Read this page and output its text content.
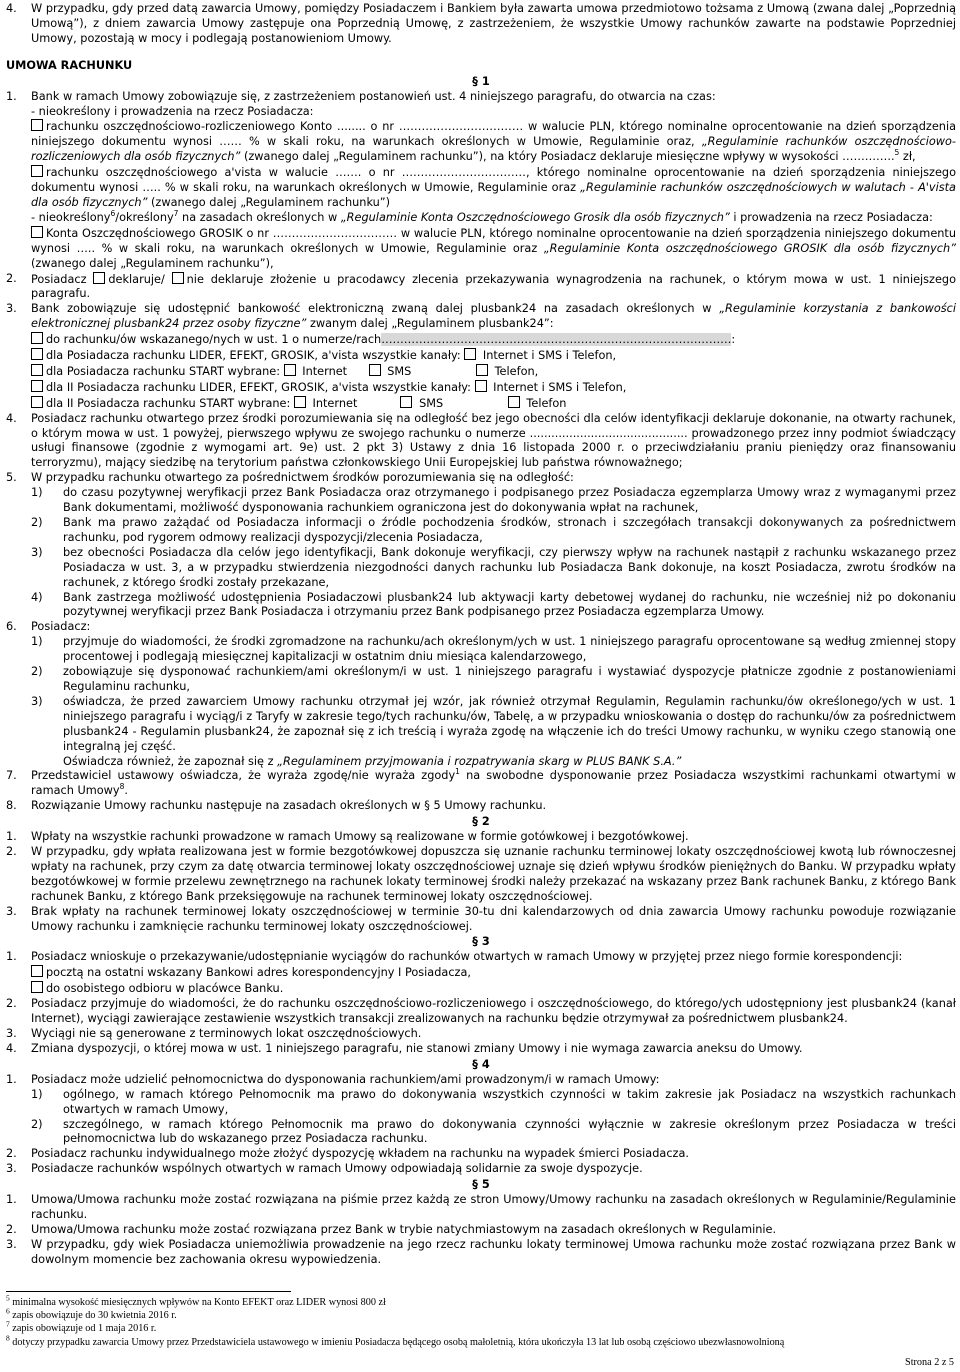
4.	W przypadku, gdy przed datą zawarcia Umowy, pomiędzy Posiadaczem i Bankiem była zawarta umowa przedmiotowo tożsama z Umową (zwana dalej „Poprzednią Umową”), z dniem zawarcia Umowy zastępuje ona Poprzednią Umowę, z zastrzeżeniem, że wszystkie Umowy rachunków zawarte na podstawie Poprzedniej Umowy, pozostają w mocy i podlegają postanowieniom Umowy.

UMOWA RACHUNKU

§ 1

1.	Bank w ramach Umowy zobowiązuje się, z zastrzeżeniem postanowień ust. 4 niniejszego paragrafu, do otwarcia na czas:

- nieokreślony i prowadzenia na rzecz Posiadacza:

rachunku oszczędnościowo-rozliczeniowego Konto ........ o nr …………………………… w walucie PLN, którego nominalne oprocentowanie na dzień sporządzenia niniejszego dokumentu wynosi …… % w skali roku, na warunkach określonych w Umowie, Regulaminie oraz, „Regulaminie rachunków oszczędnościowo-rozliczeniowych dla osób fizycznych” (zwanego dalej „Regulaminem rachunku”), na który Posiadacz deklaruje miesięczne wpływy w wysokości …………..$^5$ zł,

rachunku oszczędnościowego a'vista w walucie ……. o nr ……………………………, którego nominalne oprocentowanie na dzień sporządzenia niniejszego dokumentu wynosi ….. % w skali roku, na warunkach określonych w Umowie, Regulaminie oraz „Regulaminie rachunków oszczędnościowych w walutach - A'vista dla osób fizycznych” (zwanego dalej „Regulaminem rachunku”)

- nieokreślony$^6$/określony$^7$ na zasadach określonych w „Regulaminie Konta Oszczędnościowego Grosik dla osób fizycznych” i prowadzenia na rzecz Posiadacza:

Konta Oszczędnościowego GROSIK o nr …………………………… w walucie PLN, którego nominalne oprocentowanie na dzień sporządzenia niniejszego dokumentu wynosi ….. % w skali roku, na warunkach określonych w Umowie, Regulaminie oraz „Regulaminie Konta oszczędnościowego GROSIK dla osób fizycznych” (zwanego dalej „Regulaminem rachunku”),

2.	Posiadacz deklaruje/ nie deklaruje złożenie u pracodawcy zlecenia przekazywania wynagrodzenia na rachunek, o którym mowa w ust. 1 niniejszego paragrafu.
3.	Bank zobowiązuje się udostępnić bankowość elektroniczną zwaną dalej plusbank24 na zasadach określonych w „Regulaminie korzystania z bankowości elektronicznej plusbank24 przez osoby fizyczne” zwanym dalej „Regulaminem plusbank24”:

do rachunku/ów wskazanego/nych w ust. 1 o numerze/rach…………………………………………………………………………………:

dla Posiadacza rachunku LIDER, EFEKT, GROSIK, a'vista wszystkie kanały: Internet i SMS i Telefon,

dla Posiadacza rachunku START wybrane: Internet	SMS	Telefon,

dla II Posiadacza rachunku LIDER, EFEKT, GROSIK, a'vista wszystkie kanały: Internet i SMS i Telefon,

dla II Posiadacza rachunku START wybrane: Internet	SMS	Telefon

4.	Posiadacz rachunku otwartego przez środki porozumiewania się na odległość bez jego obecności dla celów identyfikacji deklaruje dokonanie, na otwarty rachunek, o którym mowa w ust. 1 powyżej, pierwszego wpływu ze swojego rachunku o numerze ............................................ prowadzonego przez inny podmiot świadczący usługi finansowe (zgodnie z wymogami art. 9e) ust. 2 pkt 3) Ustawy z dnia 16 listopada 2000 r. o przeciwdziałaniu praniu pieniędzy oraz finansowaniu terroryzmu), mający siedzibę na terytorium państwa członkowskiego Unii Europejskiej lub państwa równoważnego;
5.	W przypadku rachunku otwartego za pośrednictwem środków porozumiewania się na odległość:
1)	do czasu pozytywnej weryfikacji przez Bank Posiadacza oraz otrzymanego i podpisanego przez Posiadacza egzemplarza Umowy wraz z wymaganymi przez Bank dokumentami, możliwość dysponowania rachunkiem ograniczona jest do dokonywania wpłat na rachunek,
2)	Bank ma prawo zażądać od Posiadacza informacji o źródle pochodzenia środków, stronach i szczegółach transakcji dokonywanych za pośrednictwem rachunku, pod rygorem odmowy realizacji dyspozycji/zlecenia Posiadacza,
3)	bez obecności Posiadacza dla celów jego identyfikacji, Bank dokonuje weryfikacji, czy pierwszy wpływ na rachunek nastąpił z rachunku wskazanego przez Posiadacza w ust. 3, a w przypadku stwierdzenia niezgodności danych rachunku lub Posiadacza Bank dokonuje, na koszt Posiadacza, zwrotu środków na rachunek, z którego środki zostały przekazane,
4)	Bank zastrzega możliwość udostępnienia Posiadaczowi plusbank24 lub aktywacji karty debetowej wydanej do rachunku, nie wcześniej niż po dokonaniu pozytywnej weryfikacji przez Bank Posiadacza i otrzymaniu przez Bank podpisanego przez Posiadacza egzemplarza Umowy.
6.	Posiadacz:
1)	przyjmuje do wiadomości, że środki zgromadzone na rachunku/ach określonym/ych w ust. 1 niniejszego paragrafu oprocentowane są według zmiennej stopy procentowej i podlegają miesięcznej kapitalizacji w ostatnim dniu miesiąca kalendarzowego,
2)	zobowiązuje się dysponować rachunkiem/ami określonym/i w ust. 1 niniejszego paragrafu i wystawiać dyspozycje płatnicze zgodnie z postanowieniami Regulaminu rachunku,
3)	oświadcza, że przed zawarciem Umowy rachunku otrzymał jej wzór, jak również otrzymał Regulamin, Regulamin rachunku/ów określonego/ych w ust. 1 niniejszego paragrafu i wyciąg/i z Taryfy w zakresie tego/tych rachunku/ów, Tabelę, a w przypadku wnioskowania o dostęp do rachunku/ów za pośrednictwem plusbank24 - Regulamin plusbank24, że zapoznał się z ich treścią i wyraża zgodę na włączenie ich do treści Umowy rachunku, w wyniku czego stanowią one integralną jej część.

Oświadcza również, że zapoznał się z „Regulaminem przyjmowania i rozpatrywania skarg w PLUS BANK S.A.”

7.	Przedstawiciel ustawowy oświadcza, że wyraża zgodę/nie wyraża zgody$^1$ na swobodne dysponowanie przez Posiadacza wszystkimi rachunkami otwartymi w ramach Umowy$^8$.
8.	Rozwiązanie Umowy rachunku następuje na zasadach określonych w § 5 Umowy rachunku.

§ 2

1.	Wpłaty na wszystkie rachunki prowadzone w ramach Umowy są realizowane w formie gotówkowej i bezgotówkowej.
2.	W przypadku, gdy wpłata realizowana jest w formie bezgotówkowej dopuszcza się uznanie rachunku terminowej lokaty oszczędnościowej kwotą lub równoczesnej wpłaty na rachunek, przy czym za datę otwarcia terminowej lokaty oszczędnościowej uznaje się dzień wpływu środków pieniężnych do Banku. W przypadku wpłaty bezgotówkowej w formie przelewu zewnętrznego na rachunek lokaty terminowej środki należy przekazać na wskazany przez Bank rachunek Banku, z którego Bank rachunek Banku, z którego Bank przeksięgowuje na rachunek terminowej lokaty oszczędnościowej.
3.	Brak wpłaty na rachunek terminowej lokaty oszczędnościowej w terminie 30-tu dni kalendarzowych od dnia zawarcia Umowy rachunku powoduje rozwiązanie Umowy rachunku i zamknięcie rachunku terminowej lokaty oszczędnościowej.

§ 3

1.	Posiadacz wnioskuje o przekazywanie/udostępnianie wyciągów do rachunków otwartych w ramach Umowy w przyjętej przez niego formie korespondencji:

pocztą na ostatni wskazany Bankowi adres korespondencyjny I Posiadacza,

do osobistego odbioru w placówce Banku.

2.	Posiadacz przyjmuje do wiadomości, że do rachunku oszczędnościowo-rozliczeniowego i oszczędnościowego, do którego/ych udostępniony jest plusbank24 (kanał Internet), wyciągi zawierające zestawienie wszystkich transakcji zrealizowanych na rachunku będzie otrzymywał za pośrednictwem plusbank24.
3.	Wyciągi nie są generowane z terminowych lokat oszczędnościowych.
4.	Zmiana dyspozycji, o której mowa w ust. 1 niniejszego paragrafu, nie stanowi zmiany Umowy i nie wymaga zawarcia aneksu do Umowy.

§ 4

1.	Posiadacz może udzielić pełnomocnictwa do dysponowania rachunkiem/ami prowadzonym/i w ramach Umowy:
1)	ogólnego, w ramach którego Pełnomocnik ma prawo do dokonywania wszystkich czynności w takim zakresie jak Posiadacz na wszystkich rachunkach otwartych w ramach Umowy,
2)	szczególnego, w ramach którego Pełnomocnik ma prawo do dokonywania czynności wyłącznie w zakresie określonym przez Posiadacza w treści pełnomocnictwa lub do wskazanego przez Posiadacza rachunku.
2.	Posiadacz rachunku indywidualnego może złożyć dyspozycję wkładem na rachunku na wypadek śmierci Posiadacza.
3.	Posiadacze rachunków wspólnych otwartych w ramach Umowy odpowiadają solidarnie za swoje dyspozycje.

§ 5

1.	Umowa/Umowa rachunku może zostać rozwiązana na piśmie przez każdą ze stron Umowy/Umowy rachunku na zasadach określonych w Regulaminie/Regulaminie rachunku.
2.	Umowa/Umowa rachunku może zostać rozwiązana przez Bank w trybie natychmiastowym na zasadach określonych w Regulaminie.
3.	W przypadku, gdy wiek Posiadacza uniemożliwia prowadzenie na jego rzecz rachunku lokaty terminowej Umowa rachunku może zostać rozwiązana przez Bank w dowolnym momencie bez zachowania okresu wypowiedzenia.

$^5$ minimalna wysokość miesięcznych wpływów na Konto EFEKT oraz LIDER wynosi 800 zł

$^6$ zapis obowiązuje do 30 kwietnia 2016 r.

$^7$ zapis obowiązuje od 1 maja 2016 r.

$^8$ dotyczy przypadku zawarcia Umowy przez Przedstawiciela ustawowego w imieniu Posiadacza będącego osobą małoletnią, która ukończyła 13 lat lub osobą częściowo ubezwłasnowolnioną

Strona 2 z 5
